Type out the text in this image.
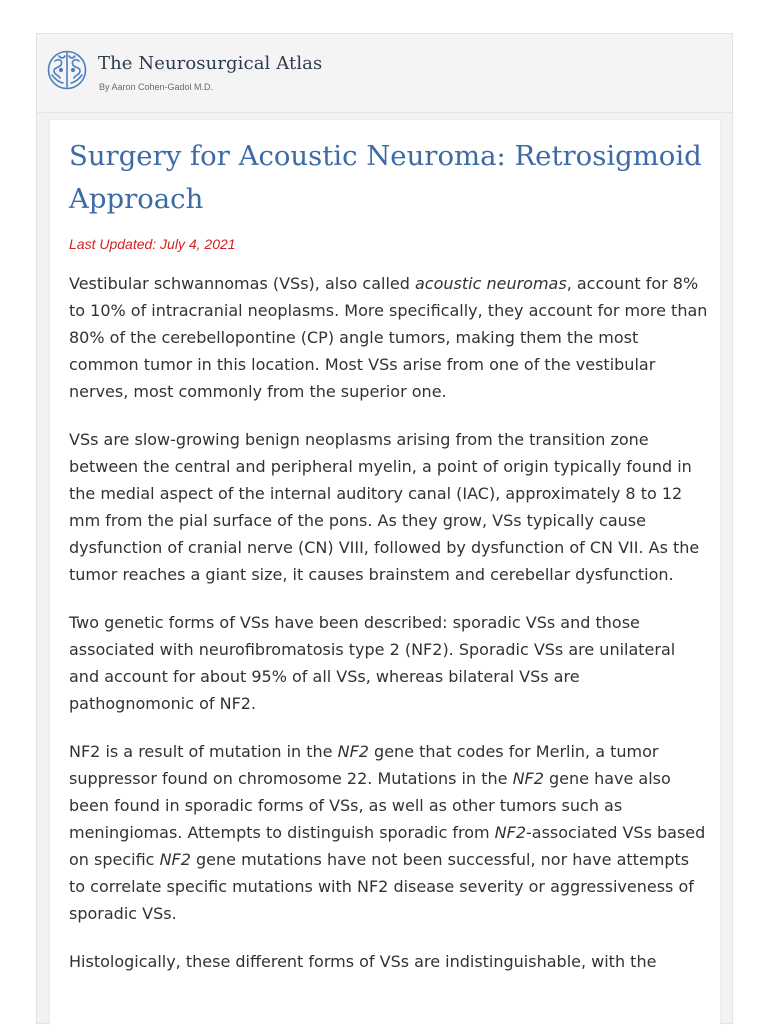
The Neurosurgical Atlas
By Aaron Cohen-Gadol M.D.
Surgery for Acoustic Neuroma: Retrosigmoid Approach
Last Updated: July 4, 2021

Vestibular schwannomas (VSs), also called acoustic neuromas, account for 8% to 10% of intracranial neoplasms. More specifically, they account for more than 80% of the cerebellopontine (CP) angle tumors, making them the most common tumor in this location. Most VSs arise from one of the vestibular nerves, most commonly from the superior one.

VSs are slow-growing benign neoplasms arising from the transition zone between the central and peripheral myelin, a point of origin typically found in the medial aspect of the internal auditory canal (IAC), approximately 8 to 12 mm from the pial surface of the pons. As they grow, VSs typically cause dysfunction of cranial nerve (CN) VIII, followed by dysfunction of CN VII. As the tumor reaches a giant size, it causes brainstem and cerebellar dysfunction.

Two genetic forms of VSs have been described: sporadic VSs and those associated with neurofibromatosis type 2 (NF2). Sporadic VSs are unilateral and account for about 95% of all VSs, whereas bilateral VSs are pathognomonic of NF2.

NF2 is a result of mutation in the NF2 gene that codes for Merlin, a tumor suppressor found on chromosome 22. Mutations in the NF2 gene have also been found in sporadic forms of VSs, as well as other tumors such as meningiomas. Attempts to distinguish sporadic from NF2-associated VSs based on specific NF2 gene mutations have not been successful, nor have attempts to correlate specific mutations with NF2 disease severity or aggressiveness of sporadic VSs.

Histologically, these different forms of VSs are indistinguishable, with the
